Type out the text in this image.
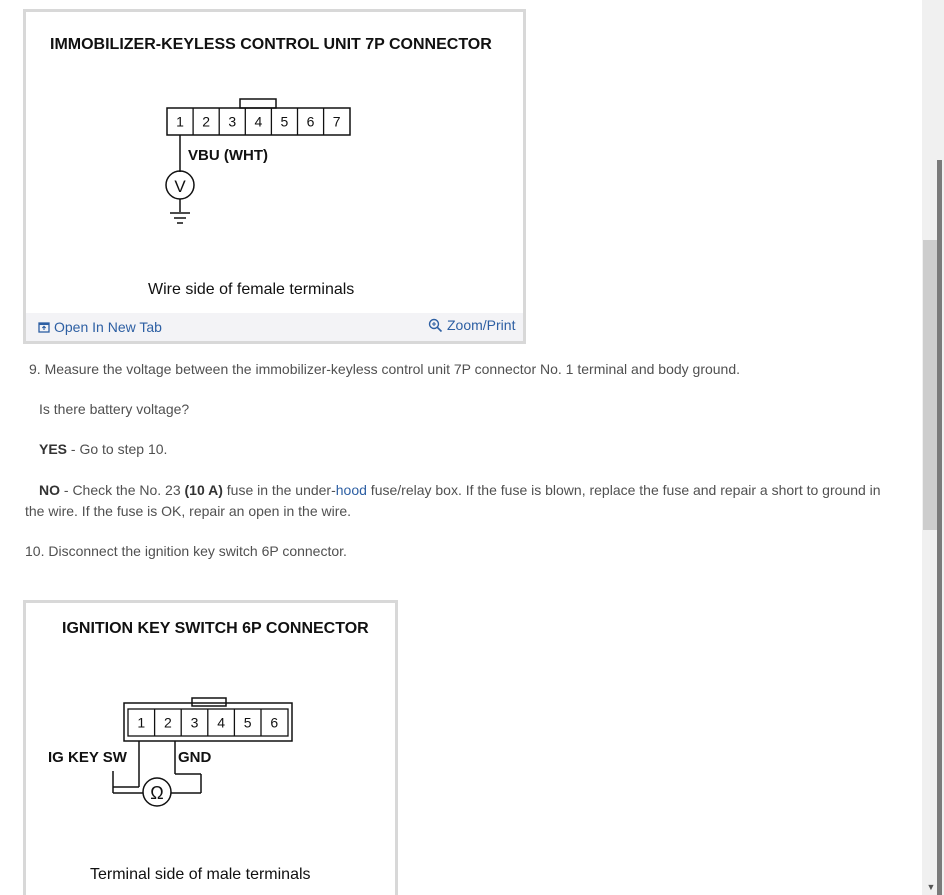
IMMOBILIZER-KEYLESS CONTROL UNIT 7P CONNECTOR
1 2 3 4 5 6 7
VBU (WHT)
V
Wire side of female terminals
Open In New Tab	Zoom/Print
9. Measure the voltage between the immobilizer-keyless control unit 7P connector No. 1 terminal and body ground.
Is there battery voltage?
YES - Go to step 10.
NO - Check the No. 23 (10 A) fuse in the under-hood fuse/relay box. If the fuse is blown, replace the fuse and repair a short to ground in
the wire. If the fuse is OK, repair an open in the wire.
10. Disconnect the ignition key switch 6P connector.
IGNITION KEY SWITCH 6P CONNECTOR
1 2 3 4 5 6
IG KEY SW	GND
Ω
Terminal side of male terminals
▼
